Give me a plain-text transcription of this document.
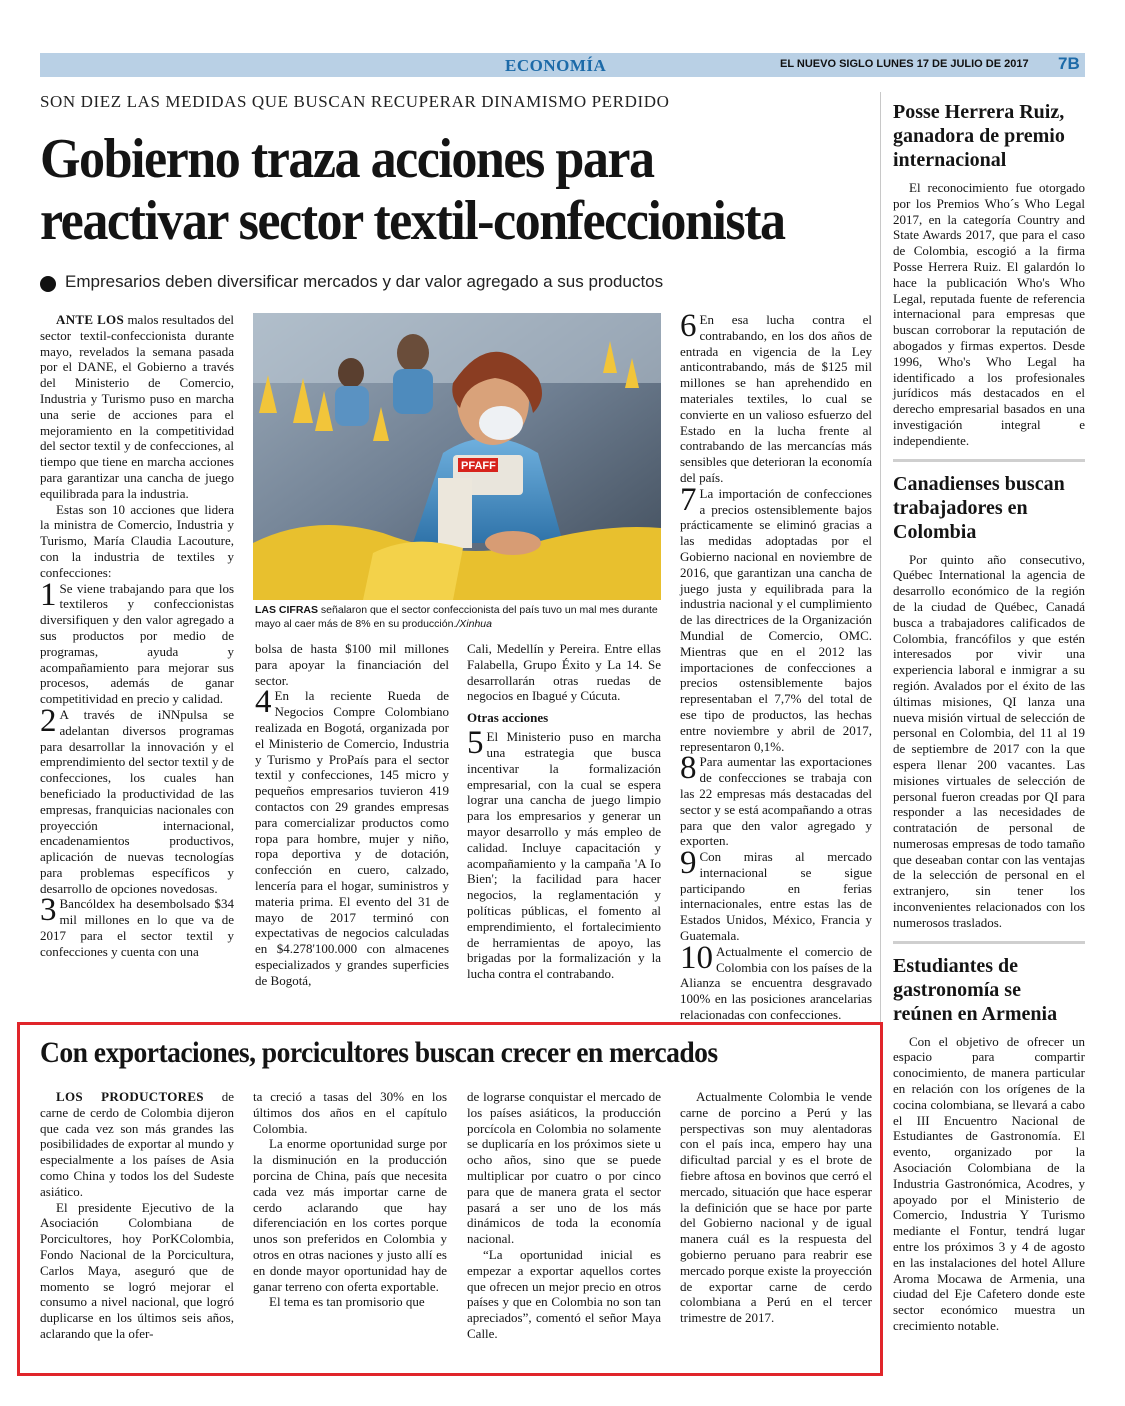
ECONOMÍA	EL NUEVO SIGLO LUNES 17 DE JULIO DE 2017 7B
SON DIEZ LAS MEDIDAS QUE BUSCAN RECUPERAR DINAMISMO PERDIDO
Gobierno traza acciones para
reactivar sector textil-confeccionista
Empresarios deben diversificar mercados y dar valor agregado a sus productos

ANTE LOS malos resultados del sector textil-confeccionista durante mayo, revelados la semana pasada por el DANE, el Gobierno a través del Ministerio de Comercio, Industria y Turismo puso en marcha una serie de acciones para el mejoramiento en la competitividad del sector textil y de confecciones, al tiempo que tiene en marcha acciones para garantizar una cancha de juego equilibrada para la industria.

Estas son 10 acciones que lidera la ministra de Comercio, Industria y Turismo, María Claudia Lacouture, con la industria de textiles y confecciones:

1 Se viene trabajando para que los textileros y confeccionistas diversifiquen y den valor agregado a sus productos por medio de programas, ayuda y acompañamiento para mejorar sus procesos, además de ganar competitividad en precio y calidad.

2 A través de iNNpulsa se adelantan diversos programas para desarrollar la innovación y el emprendimiento del sector textil y de confecciones, los cuales han beneficiado la productividad de las empresas, franquicias nacionales con proyección internacional, encadenamientos productivos, aplicación de nuevas tecnologías para problemas específicos y desarrollo de opciones novedosas.

3 Bancóldex ha desembolsado $34 mil millones en lo que va de 2017 para el sector textil y confecciones y cuenta con una

PFAFF
LAS CIFRAS señalaron que el sector confeccionista del país tuvo un mal mes durante mayo al caer más de 8% en su producción./Xinhua

bolsa de hasta $100 mil millones para apoyar la financiación del sector.

4 En la reciente Rueda de Negocios Compre Colombiano realizada en Bogotá, organizada por el Ministerio de Comercio, Industria y Turismo y ProPaís para el sector textil y confecciones, 145 micro y pequeños empresarios tuvieron 419 contactos con 29 grandes empresas para comercializar productos como ropa para hombre, mujer y niño, ropa deportiva y de dotación, confección en cuero, calzado, lencería para el hogar, suministros y materia prima. El evento del 31 de mayo de 2017 terminó con expectativas de negocios calculadas en $4.278'100.000 con almacenes especializados y grandes superficies de Bogotá,

Cali, Medellín y Pereira. Entre ellas Falabella, Grupo Éxito y La 14. Se desarrollarán otras ruedas de negocios en Ibagué y Cúcuta.

Otras acciones
5 El Ministerio puso en marcha una estrategia que busca incentivar la formalización empresarial, con la cual se espera lograr una cancha de juego limpio para los empresarios y generar un mayor desarrollo y más empleo de calidad. Incluye capacitación y acompañamiento y la campaña 'A Io Bien'; la facilidad para hacer negocios, la reglamentación y políticas públicas, el fomento al emprendimiento, el fortalecimiento de herramientas de apoyo, las brigadas por la formalización y la lucha contra el contrabando.

6 En esa lucha contra el contrabando, en los dos años de entrada en vigencia de la Ley anticontrabando, más de $125 mil millones se han aprehendido en materiales textiles, lo cual se convierte en un valioso esfuerzo del Estado en la lucha frente al contrabando de las mercancías más sensibles que deterioran la economía del país.

7 La importación de confecciones a precios ostensiblemente bajos prácticamente se eliminó gracias a las medidas adoptadas por el Gobierno nacional en noviembre de 2016, que garantizan una cancha de juego justa y equilibrada para la industria nacional y el cumplimiento de las directrices de la Organización Mundial de Comercio, OMC. Mientras que en el 2012 las importaciones de confecciones a precios ostensiblemente bajos representaban el 7,7% del total de ese tipo de productos, las hechas entre noviembre y abril de 2017, representaron 0,1%.

8 Para aumentar las exportaciones de confecciones se trabaja con las 22 empresas más destacadas del sector y se está acompañando a otras para que den valor agregado y exporten.

9 Con miras al mercado internacional se sigue participando en ferias internacionales, entre estas las de Estados Unidos, México, Francia y Guatemala.

10 Actualmente el comercio de Colombia con los países de la Alianza se encuentra desgravado 100% en las posiciones arancelarias relacionadas con confecciones.

Posse Herrera Ruiz, ganadora de premio internacional

El reconocimiento fue otorgado por los Premios Who´s Who Legal 2017, en la categoría Country and State Awards 2017, que para el caso de Colombia, escogió a la firma Posse Herrera Ruiz. El galardón lo hace la publicación Who's Who Legal, reputada fuente de referencia internacional para empresas que buscan corroborar la reputación de abogados y firmas expertos. Desde 1996, Who's Who Legal ha identificado a los profesionales jurídicos más destacados en el derecho empresarial basados en una investigación integral e independiente.

Canadienses buscan trabajadores en Colombia

Por quinto año consecutivo, Québec International la agencia de desarrollo económico de la región de la ciudad de Québec, Canadá busca a trabajadores calificados de Colombia, francófilos y que estén interesados por vivir una experiencia laboral e inmigrar a su región. Avalados por el éxito de las últimas misiones, QI lanza una nueva misión virtual de selección de personal en Colombia, del 11 al 19 de septiembre de 2017 con la que espera llenar 200 vacantes. Las misiones virtuales de selección de personal fueron creadas por QI para responder a las necesidades de contratación de personal de numerosas empresas de todo tamaño que deseaban contar con las ventajas de la selección de personal en el extranjero, sin tener los inconvenientes relacionados con los numerosos traslados.

Estudiantes de gastronomía se reúnen en Armenia

Con el objetivo de ofrecer un espacio para compartir conocimiento, de manera particular en relación con los orígenes de la cocina colombiana, se llevará a cabo el III Encuentro Nacional de Estudiantes de Gastronomía. El evento, organizado por la Asociación Colombiana de la Industria Gastronómica, Acodres, y apoyado por el Ministerio de Comercio, Industria Y Turismo mediante el Fontur, tendrá lugar entre los próximos 3 y 4 de agosto en las instalaciones del hotel Allure Aroma Mocawa de Armenia, una ciudad del Eje Cafetero donde este sector económico muestra un crecimiento notable.

Con exportaciones, porcicultores buscan crecer en mercados

LOS PRODUCTORES de carne de cerdo de Colombia dijeron que cada vez son más grandes las posibilidades de exportar al mundo y especialmente a los países de Asia como China y todos los del Sudeste asiático.

El presidente Ejecutivo de la Asociación Colombiana de Porcicultores, hoy PorKColombia, Fondo Nacional de la Porcicultura, Carlos Maya, aseguró que de momento se logró mejorar el consumo a nivel nacional, que logró duplicarse en los últimos seis años, aclarando que la ofer-

ta creció a tasas del 30% en los últimos dos años en el capítulo Colombia.

La enorme oportunidad surge por la disminución en la producción porcina de China, país que necesita cada vez más importar carne de cerdo aclarando que hay diferenciación en los cortes porque unos son preferidos en Colombia y otros en otras naciones y justo allí es en donde mayor oportunidad hay de ganar terreno con oferta exportable.

El tema es tan promisorio que

de lograrse conquistar el mercado de los países asiáticos, la producción porcícola en Colombia no solamente se duplicaría en los próximos siete u ocho años, sino que se puede multiplicar por cuatro o por cinco para que de manera grata el sector pasará a ser uno de los más dinámicos de toda la economía nacional.

“La oportunidad inicial es empezar a exportar aquellos cortes que ofrecen un mejor precio en otros países y que en Colombia no son tan apreciados”, comentó el señor Maya Calle.

Actualmente Colombia le vende carne de porcino a Perú y las perspectivas son muy alentadoras con el país inca, empero hay una dificultad parcial y es el brote de fiebre aftosa en bovinos que cerró el mercado, situación que hace esperar la definición que se hace por parte del Gobierno nacional y de igual manera cuál es la respuesta del gobierno peruano para reabrir ese mercado porque existe la proyección de exportar carne de cerdo colombiana a Perú en el tercer trimestre de 2017.
